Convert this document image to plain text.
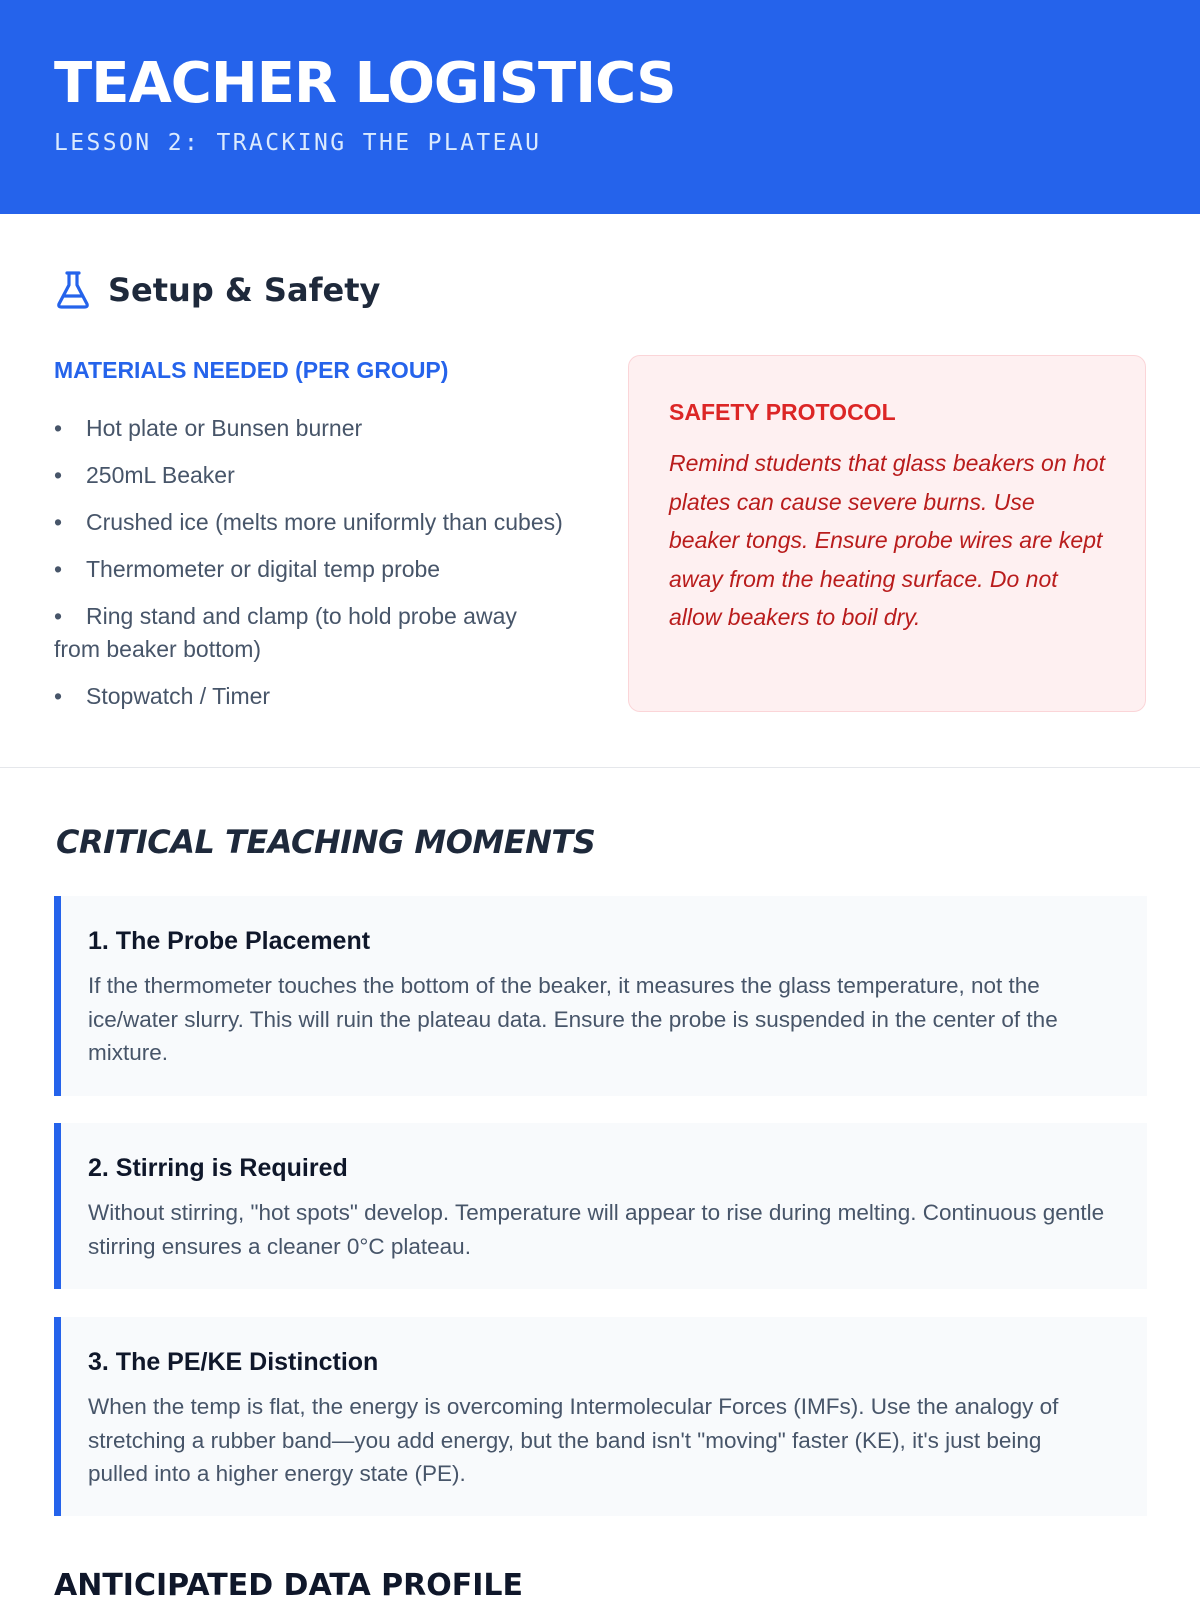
TEACHER LOGISTICS

LESSON 2: TRACKING THE PLATEAU

Setup & Safety
MATERIALS NEEDED (PER GROUP)
• Hot plate or Bunsen burner
• 250mL Beaker
• Crushed ice (melts more uniformly than cubes)
• Thermometer or digital temp probe
• Ring stand and clamp (to hold probe away from beaker bottom)
• Stopwatch / Timer
SAFETY PROTOCOL

Remind students that glass beakers on hot plates can cause severe burns. Use beaker tongs. Ensure probe wires are kept away from the heating surface. Do not allow beakers to boil dry.

CRITICAL TEACHING MOMENTS
1. The Probe Placement

If the thermometer touches the bottom of the beaker, it measures the glass temperature, not the ice/water slurry. This will ruin the plateau data. Ensure the probe is suspended in the center of the mixture.

2. Stirring is Required

Without stirring, "hot spots" develop. Temperature will appear to rise during melting. Continuous gentle stirring ensures a cleaner 0°C plateau.

3. The PE/KE Distinction

When the temp is flat, the energy is overcoming Intermolecular Forces (IMFs). Use the analogy of stretching a rubber band—you add energy, but the band isn't "moving" faster (KE), it's just being pulled into a higher energy state (PE).

ANTICIPATED DATA PROFILE
